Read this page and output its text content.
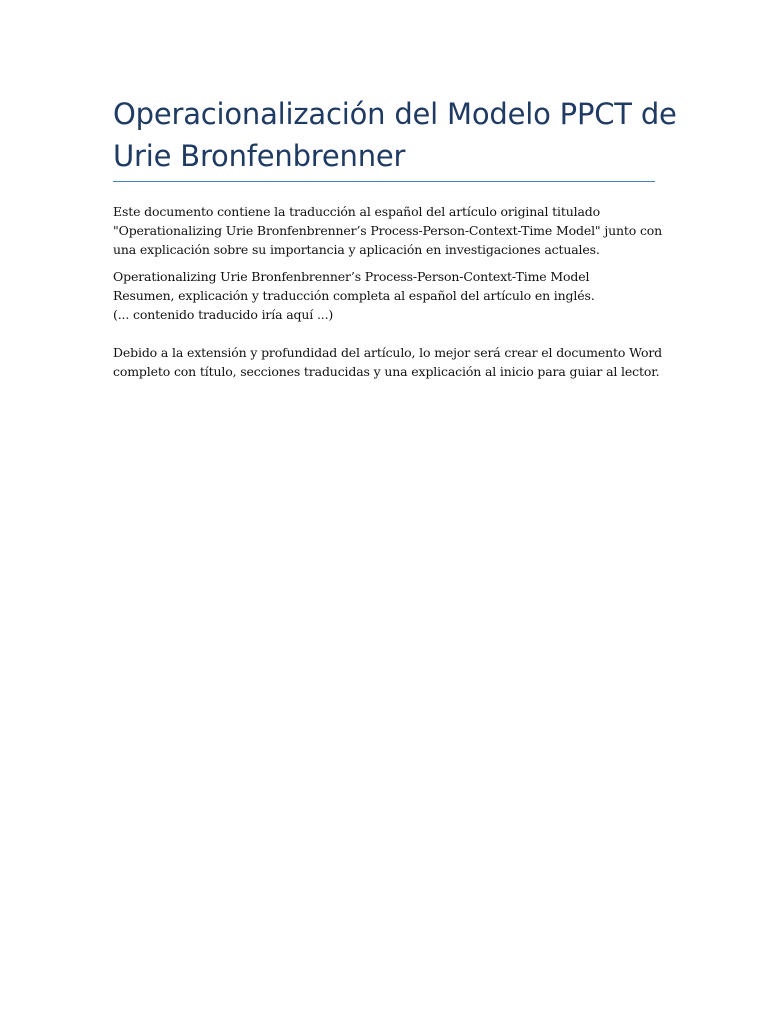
Operacionalización del Modelo PPCT de
Urie Bronfenbrenner

Este documento contiene la traducción al español del artículo original titulado
"Operationalizing Urie Bronfenbrenner’s Process-Person-Context-Time Model" junto con
una explicación sobre su importancia y aplicación en investigaciones actuales.

Operationalizing Urie Bronfenbrenner’s Process-Person-Context-Time Model
Resumen, explicación y traducción completa al español del artículo en inglés.
(... contenido traducido iría aquí ...)
Debido a la extensión y profundidad del artículo, lo mejor será crear el documento Word
completo con título, secciones traducidas y una explicación al inicio para guiar al lector.
